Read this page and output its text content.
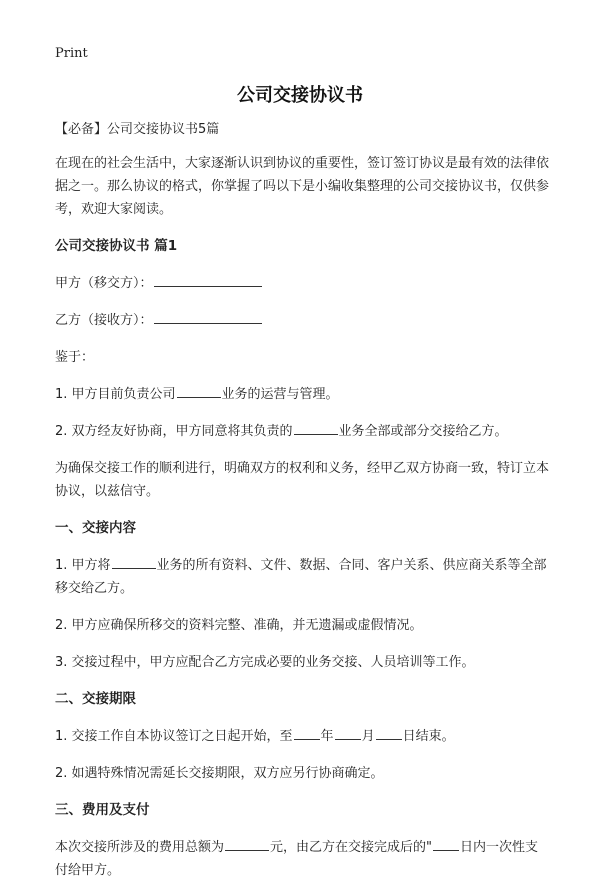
Print
公司交接协议书

【必备】公司交接协议书5篇

在现在的社会生活中，大家逐渐认识到协议的重要性，签订签订协议是最有效的法律依据之一。那么协议的格式，你掌握了吗以下是小编收集整理的公司交接协议书，仅供参考，欢迎大家阅读。

公司交接协议书 篇1

甲方（移交方）：

乙方（接收方）：

鉴于：

1. 甲方目前负责公司	业务的运营与管理。

2. 双方经友好协商，甲方同意将其负责的	业务全部或部分交接给乙方。

为确保交接工作的顺利进行，明确双方的权利和义务，经甲乙双方协商一致，特订立本协议，以兹信守。

一、交接内容

1. 甲方将	业务的所有资料、文件、数据、合同、客户关系、供应商关系等全部移交给乙方。

2. 甲方应确保所移交的资料完整、准确，并无遗漏或虚假情况。

3. 交接过程中，甲方应配合乙方完成必要的业务交接、人员培训等工作。

二、交接期限

1. 交接工作自本协议签订之日起开始，至 年 月 日结束。

2. 如遇特殊情况需延长交接期限，双方应另行协商确定。

三、费用及支付

本次交接所涉及的费用总额为	元，由乙方在交接完成后的" 日内一次性支付给甲方。
